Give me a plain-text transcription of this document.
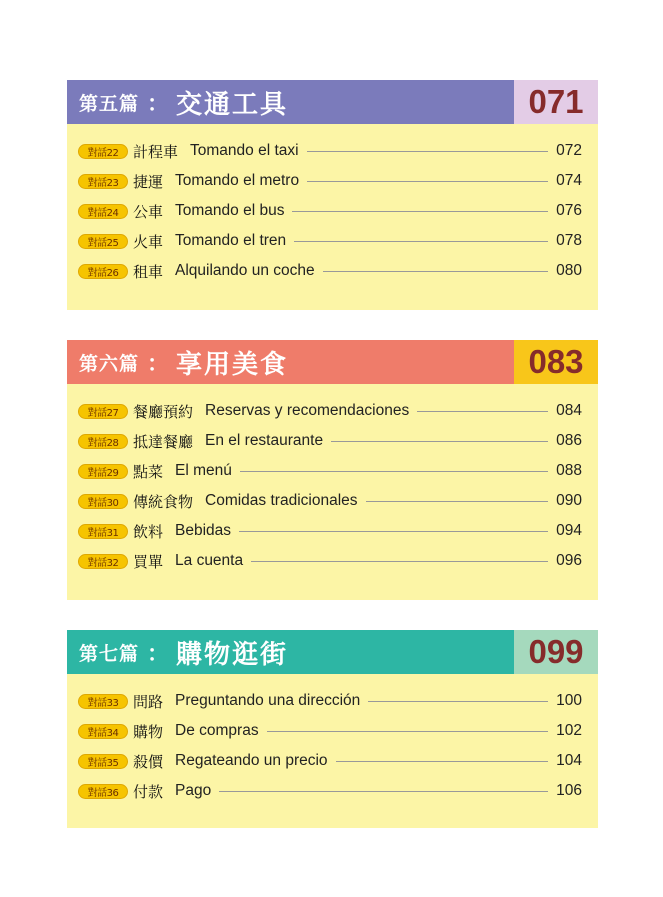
第五篇 ： 交通工具	071
對話22 計程車 Tomando el taxi	072
對話23 捷運 Tomando el metro	074
對話24 公車 Tomando el bus	076
對話25 火車 Tomando el tren	078
對話26 租車 Alquilando un coche	080
第六篇 ： 享用美食	083
對話27 餐廳預約 Reservas y recomendaciones	084
對話28 抵達餐廳 En el restaurante	086
對話29 點菜 El menú	088
對話30 傳統食物 Comidas tradicionales	090
對話31 飲料 Bebidas	094
對話32 買單 La cuenta	096
第七篇 ： 購物逛街	099
對話33 問路 Preguntando una dirección	100
對話34 購物 De compras	102
對話35 殺價 Regateando un precio	104
對話36 付款 Pago	106
